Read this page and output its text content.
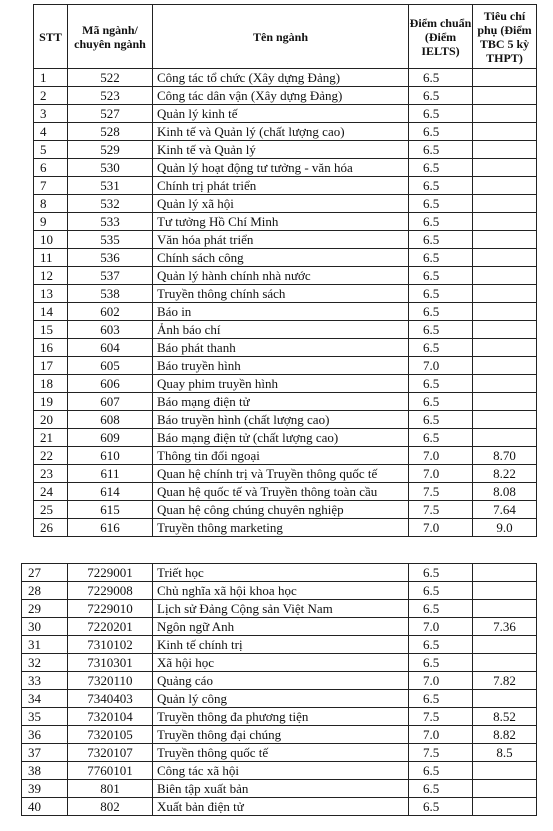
STT	Mã ngành/ chuyên ngành	Tên ngành	Điểm chuẩn (Điểm IELTS)	Tiêu chí phụ (Điểm TBC 5 kỳ THPT)
1	522	Công tác tổ chức (Xây dựng Đảng)	6.5	
2	523	Công tác dân vận (Xây dựng Đảng)	6.5	
3	527	Quản lý kinh tế	6.5	
4	528	Kinh tế và Quản lý (chất lượng cao)	6.5	
5	529	Kinh tế và Quản lý	6.5	
6	530	Quản lý hoạt động tư tưởng - văn hóa	6.5	
7	531	Chính trị phát triển	6.5	
8	532	Quản lý xã hội	6.5	
9	533	Tư tưởng Hồ Chí Minh	6.5	
10	535	Văn hóa phát triển	6.5	
11	536	Chính sách công	6.5	
12	537	Quản lý hành chính nhà nước	6.5	
13	538	Truyền thông chính sách	6.5	
14	602	Báo in	6.5	
15	603	Ảnh báo chí	6.5	
16	604	Báo phát thanh	6.5	
17	605	Báo truyền hình	7.0	
18	606	Quay phim truyền hình	6.5	
19	607	Báo mạng điện tử	6.5	
20	608	Báo truyền hình (chất lượng cao)	6.5	
21	609	Báo mạng điện tử (chất lượng cao)	6.5	
22	610	Thông tin đối ngoại	7.0	8.70
23	611	Quan hệ chính trị và Truyền thông quốc tế	7.0	8.22
24	614	Quan hệ quốc tế và Truyền thông toàn cầu	7.5	8.08
25	615	Quan hệ công chúng chuyên nghiệp	7.5	7.64
26	616	Truyền thông marketing	7.0	9.0
27	7229001	Triết học	6.5	
28	7229008	Chủ nghĩa xã hội khoa học	6.5	
29	7229010	Lịch sử Đảng Cộng sản Việt Nam	6.5	
30	7220201	Ngôn ngữ Anh	7.0	7.36
31	7310102	Kinh tế chính trị	6.5	
32	7310301	Xã hội học	6.5	
33	7320110	Quảng cáo	7.0	7.82
34	7340403	Quản lý công	6.5	
35	7320104	Truyền thông đa phương tiện	7.5	8.52
36	7320105	Truyền thông đại chúng	7.0	8.82
37	7320107	Truyền thông quốc tế	7.5	8.5
38	7760101	Công tác xã hội	6.5	
39	801	Biên tập xuất bản	6.5	
40	802	Xuất bản điện tử	6.5	
